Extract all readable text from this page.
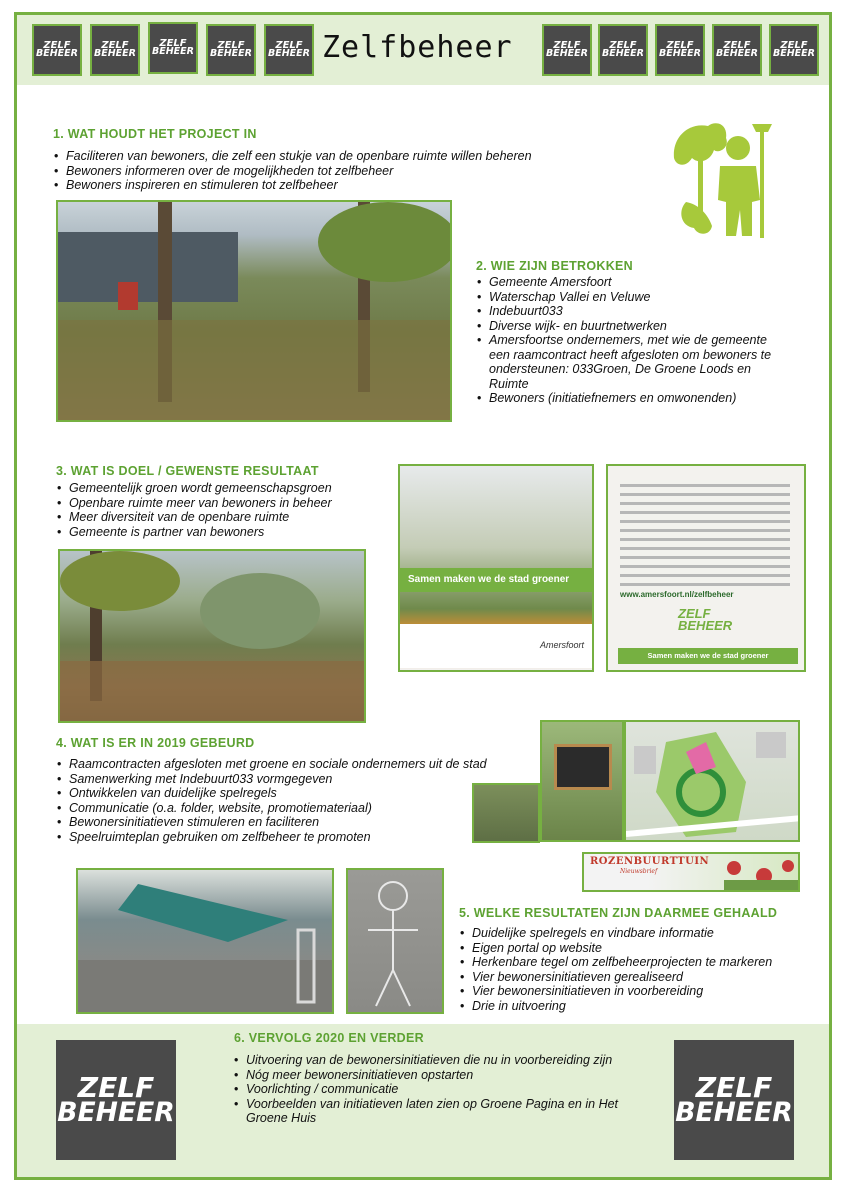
ZELF
BEHEER
ZELF
BEHEER
ZELF
BEHEER
ZELF
BEHEER
ZELF
BEHEER Zelfbeheer	ZELF
BEHEER
ZELF
BEHEER
ZELF
BEHEER
ZELF
BEHEER
ZELF
BEHEER
1. WAT HOUDT HET PROJECT IN
• Faciliteren van bewoners, die zelf een stukje van de openbare ruimte willen beheren
• Bewoners informeren over de mogelijkheden tot zelfbeheer
• Bewoners inspireren en stimuleren tot zelfbeheer
2. WIE ZIJN BETROKKEN
• Gemeente Amersfoort
• Waterschap Vallei en Veluwe
• Indebuurt033
• Diverse wijk- en buurtnetwerken
• Amersfoortse ondernemers, met wie de gemeente een raamcontract heeft afgesloten om bewoners te ondersteunen: 033Groen, De Groene Loods en Ruimte
• Bewoners (initiatiefnemers en omwonenden)
3. WAT IS DOEL / GEWENSTE RESULTAAT
• Gemeentelijk groen wordt gemeenschapsgroen
• Openbare ruimte meer van bewoners in beheer
• Meer diversiteit van de openbare ruimte
• Gemeente is partner van bewoners
Samen maken we de stad groener
Amersfoort
www.amersfoort.nl/zelfbeheer
ZELF
BEHEER
Samen maken we de stad groener
4. WAT IS ER IN 2019 GEBEURD
• Raamcontracten afgesloten met groene en sociale ondernemers uit de stad
• Samenwerking met Indebuurt033 vormgegeven
• Ontwikkelen van duidelijke spelregels
• Communicatie (o.a. folder, website, promotiemateriaal)
• Bewonersinitiatieven stimuleren en faciliteren
• Speelruimteplan gebruiken om zelfbeheer te promoten
ROZENBUURTTUIN
Nieuwsbrief
5. WELKE RESULTATEN ZIJN DAARMEE GEHAALD
• Duidelijke spelregels en vindbare informatie
• Eigen portal op website
• Herkenbare tegel om zelfbeheerprojecten te markeren
• Vier bewonersinitiatieven gerealiseerd
• Vier bewonersinitiatieven in voorbereiding
• Drie in uitvoering
ZELF
BEHEER
6. VERVOLG 2020 EN VERDER
• Uitvoering van de bewonersinitiatieven die nu in voorbereiding zijn
• Nóg meer bewonersinitiatieven opstarten
• Voorlichting / communicatie
• Voorbeelden van initiatieven laten zien op Groene Pagina en in Het Groene Huis
ZELF
BEHEER
